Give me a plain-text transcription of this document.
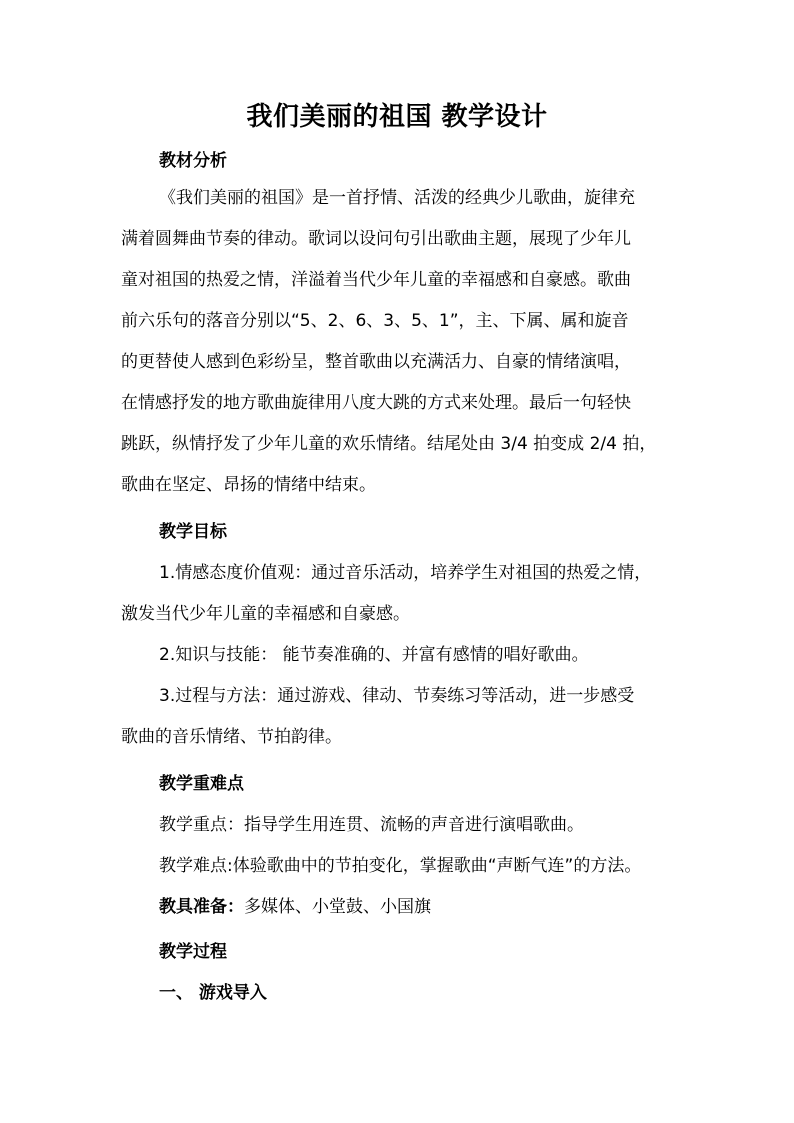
我们美丽的祖国 教学设计
教材分析
《我们美丽的祖国》是一首抒情、活泼的经典少儿歌曲，旋律充
满着圆舞曲节奏的律动。歌词以设问句引出歌曲主题，展现了少年儿
童对祖国的热爱之情，洋溢着当代少年儿童的幸福感和自豪感。歌曲
前六乐句的落音分别以“5、2、6、3、5、1”，主、下属、属和旋音
的更替使人感到色彩纷呈，整首歌曲以充满活力、自豪的情绪演唱，
在情感抒发的地方歌曲旋律用八度大跳的方式来处理。最后一句轻快
跳跃，纵情抒发了少年儿童的欢乐情绪。结尾处由 3/4 拍变成 2/4 拍，
歌曲在坚定、昂扬的情绪中结束。
教学目标
1.情感态度价值观：通过音乐活动，培养学生对祖国的热爱之情，
激发当代少年儿童的幸福感和自豪感。
2.知识与技能： 能节奏准确的、并富有感情的唱好歌曲。
3.过程与方法：通过游戏、律动、节奏练习等活动，进一步感受
歌曲的音乐情绪、节拍韵律。
教学重难点
教学重点：指导学生用连贯、流畅的声音进行演唱歌曲。
教学难点:体验歌曲中的节拍变化，掌握歌曲“声断气连”的方法。
教具准备：多媒体、小堂鼓、小国旗
教学过程
一、 游戏导入
